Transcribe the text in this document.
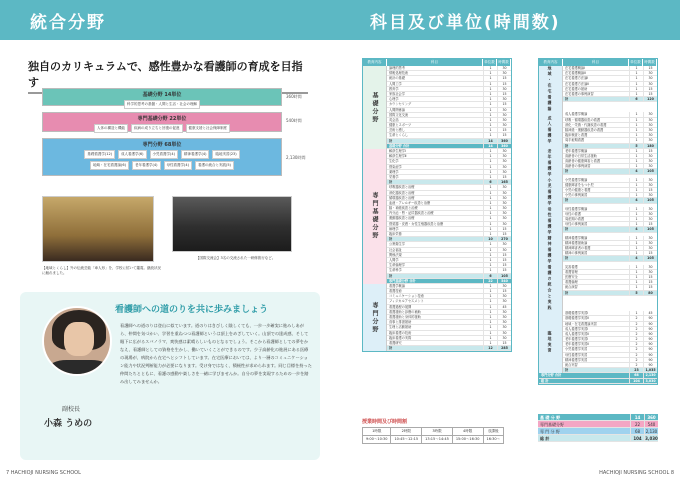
統合分野
独自のカリキュラムで、感性豊かな看護師の育成を目指す
基礎分野 14単位
科学的思考の基盤・人間と生活・社会の理解
360時間
専門基礎分野 22単位
人体の構造と機能	疾病の成り立ちと回復の促進	健康支援と社会保障制度
540時間
専門分野 68単位
基礎看護学(12)	成人看護学(6)	小児看護学(4)	精神看護学(4)	臨地実習(23)
地域・在宅看護論(6)	老年看護学(4)	母性看護学(4)	看護の統合と実践(5)
2,130時間
【地域とくらし】外の伝統芸能「車人形」を、学校に招いて鑑賞。継続状況に触れました。
【国際交流会】3名の交流された一研修旅行など。
看護師への道のりを共に歩みましょう
副校長
小森 うめの
看護師への道のりは登山に似ています。道のりはきびしく険しくても、一歩一歩確実に進みしあがら、仲間を気づかい、学習を重ねつつ看護師というは頂上をめざしていく。山頂での達成感、そして眼下に広がるスバノラマ、爽快感は素晴らしいものとなるでしょう。そこから看護師としての夢をかなえ、看護師としての資格を生かし、働いていくことができるのです。少子高齢化の進展にある医療の現場が、病院から在宅へとシフトしています。在宅医療においては、より一層のコミュニケーション能力や状況判断能力が必要になります。受け身ではなく、積極性が求められます。同じ目標を持った仲間たちとともに、看護の感動や楽しさを一緒に学びませんか。自分の夢を実現するための一歩を踏み出してみませんか。
7 HACHIOJI NURSING SCHOOL
科目及び単位(時間数)
教育内容	科目	単位数	時間数
基礎分野
論理的思考	1	30
情報処理技術	1	30
統計の基礎	1	15
人間工学	1	15
教育学	1	30
家族社会学	1	15
心理学	1	30
カウンセリング	1	15
人間関係論	1	30
国際文化交流	1	30
英会話	1	30
健康とスポーツ	1	30
芸術と癒し	1	15
生命とくらし	1	15
計	14	360
基礎分野 合計	14	360
専門基礎分野
解剖生理学Ⅰ	1	30
解剖生理学Ⅱ	1	30
生化学	1	30
感染症学	1	30
薬理学	1	30
栄養学	1	15
計	6	165
呼吸器疾患と治療	1	30
消化器疾患と治療	1	30
循環器疾患と治療	1	30
血液・アレルギー疾患と治療	1	30
脳・神経疾患と治療	1	30
内分泌・腎・泌尿器疾患と治療	1	30
運動器疾患と治療	1	30
感覚器・皮膚・女性生殖器疾患と治療	1	30
病理学	1	15
臨床栄養	1	15
計	10	270
公衆衛生学	1	30
社会福祉	1	30
関係法規	1	15
人間学	1	15
生命倫理学	1	15
生命科学	1	15
計	6	105
専門基礎分野 合計	22	540
専門分野
看護学概論	1	30
看護技術	1	15
コミュニケーション技術	1	30
フィジカルアセスメント	1	30
看護過程の展開	1	45
看護援助と診療の補助	1	30
看護援助と身体的援助	1	30
食事と排泄援助	1	30
生理と活動援助	1	30
臨床看護の技術	1	30
臨床看護の実際	1	30
看護研究	1	15
計	12	285
教育内容	科目	単位数	時間数
地域・在宅看護論	在宅看護概論Ⅰ	1	15
在宅看護概論Ⅱ	1	30
在宅看護方法論Ⅰ	1	30
在宅看護方法論Ⅱ	1	30
在宅看護の援助	1	15
在宅看護の事例演習	1	15
計	6	120
成人看護学
成人看護学概論	1	30
呼吸・循環器疾患の看護	1	30
消化・栄養・代謝疾患の看護	1	30
脳神経・運動器疾患の看護	1	30
臨床検査と看護	1	30
周手術期看護	1	30
計	5	180
老年看護学	老年看護学概論	1	15
高齢者の日常生活援助	1	30
高齢者の健康障害と看護	1	30
高齢者の事例演習	1	30
計	4	105
小児看護学	小児看護学概論	1	30
健康障害をもつ小児	1	30
小児の健康と看護	1	15
小児の事例演習	1	30
計	4	105
母性看護学	母性看護学概論	1	30
母性の看護	1	30
周産期の看護	1	30
母性の事例演習	1	15
計	4	105
精神看護学	精神看護学概論	1	30
精神看護援助論	1	30
精神障害者の看護	1	30
精神の事例演習	1	15
計	4	105
看護の統合と実践	災害看護	1	30
看護管理	1	30
医療安全	1	15
看護倫理	1	15
統合演習	1	15
計	5	80
臨地実習
基礎看護学実習Ⅰ	1	45
基礎看護学実習Ⅱ	2	90
地域・在宅看護論実習	2	90
成人看護学実習Ⅰ	2	90
成人看護学実習Ⅱ	2	90
老年看護学実習Ⅰ	2	90
老年看護学実習Ⅱ	2	90
小児看護学実習	2	90
母性看護学実習	2	90
精神看護学実習	2	90
統合実習	2	90
計	23	1,035
専門分野 合計	68	2,130
総 計	104	3,030
授業時間及び時間割
1時限	2時限	3時限	4時限	放課後
9:00〜10:30	10:45〜12:15	13:15〜14:45	15:00〜16:30	16:30〜
基 礎 分 野	14	360
専門基礎分野	22	540
専 門 分 野	68	2,130
総 計	104 3,030
HACHIOJI NURSING SCHOOL 8
